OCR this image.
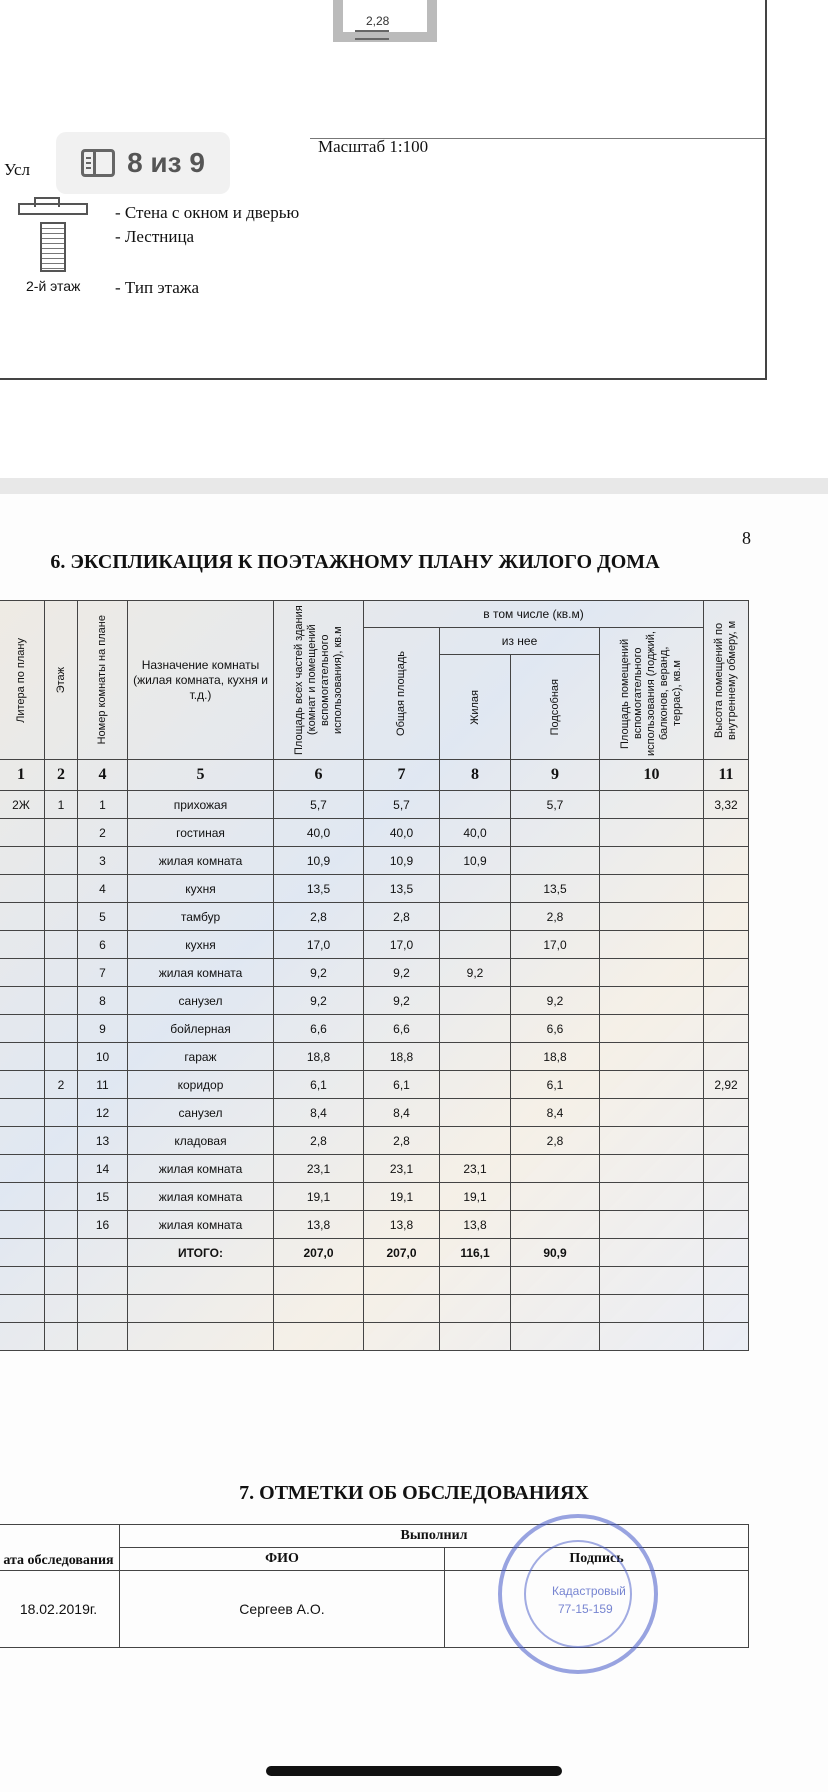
2,28
Масштаб 1:100
Усл
- Стена с окном и дверью
- Лестница
2-й этаж - Тип этажа
8 из 9
8
6. ЭКСПЛИКАЦИЯ К ПОЭТАЖНОМУ ПЛАНУ ЖИЛОГО ДОМА
Литера по плану	Этаж	Номер комнаты на плане	Назначение комнаты (жилая комната, кухня и т.д.)	Площадь всех частей здания (комнат и помещений вспомогательного использования), кв.м	в том числе (кв.м)				Высота помещений по внутреннему обмеру, м

					Общая площадь	из нее		Площадь помещений вспомогательного использования (лоджий, балконов, веранд, террас), кв.м	

						Жилая	Подсобная		

1	2	4	5	6	7	8	9	10	11
2Ж	1	1	прихожая	5,7	5,7		5,7		3,32
		2	гостиная	40,0	40,0	40,0			
		3	жилая комната	10,9	10,9	10,9			
		4	кухня	13,5	13,5		13,5		
		5	тамбур	2,8	2,8		2,8		
		6	кухня	17,0	17,0		17,0		
		7	жилая комната	9,2	9,2	9,2			
		8	санузел	9,2	9,2		9,2		
		9	бойлерная	6,6	6,6		6,6		
		10	гараж	18,8	18,8		18,8		
	2	11	коридор	6,1	6,1		6,1		2,92
		12	санузел	8,4	8,4		8,4		
		13	кладовая	2,8	2,8		2,8		
		14	жилая комната	23,1	23,1	23,1			
		15	жилая комната	19,1	19,1	19,1			
		16	жилая комната	13,8	13,8	13,8			
			ИТОГО:	207,0	207,0	116,1	90,9		

7. ОТМЕТКИ ОБ ОБСЛЕДОВАНИЯХ
ата обследования	Выполнил	
	ФИО	Подпись
18.02.2019г.	Сергеев А.О.	
Кадастровый
77-15-159
